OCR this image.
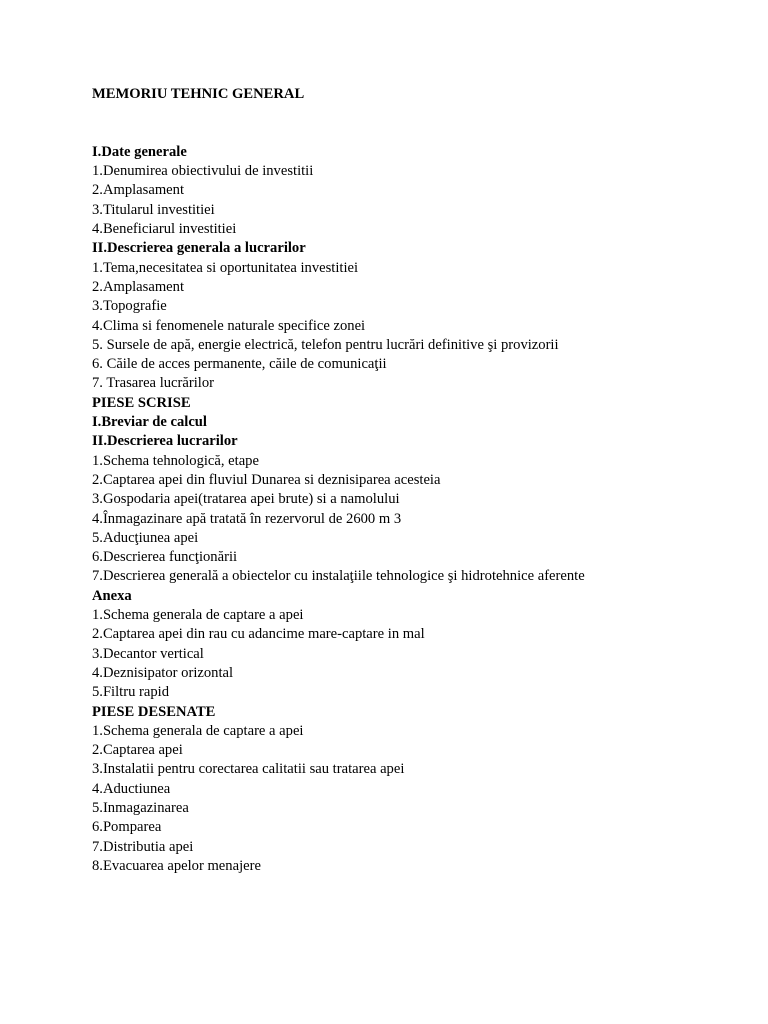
MEMORIU TEHNIC GENERAL
I.Date generale
1.Denumirea obiectivului de investitii
2.Amplasament
3.Titularul investitiei
4.Beneficiarul investitiei
II.Descrierea generala a lucrarilor
1.Tema,necesitatea si oportunitatea investitiei
2.Amplasament
3.Topografie
4.Clima si fenomenele naturale specifice zonei
5. Sursele de apă, energie electrică, telefon pentru lucrări definitive şi provizorii
6. Căile de acces permanente, căile de comunicaţii
7. Trasarea lucrărilor
PIESE SCRISE
I.Breviar de calcul
II.Descrierea lucrarilor
1.Schema tehnologică, etape
2.Captarea apei din fluviul Dunarea si deznisiparea acesteia
3.Gospodaria apei(tratarea apei brute) si a namolului
4.Înmagazinare apă tratată în rezervorul de 2600 m 3
5.Aducţiunea apei
6.Descrierea funcţionării
7.Descrierea generală a obiectelor cu instalaţiile tehnologice şi hidrotehnice aferente
Anexa
1.Schema generala de captare a apei
2.Captarea apei din rau cu adancime mare-captare in mal
3.Decantor vertical
4.Deznisipator orizontal
5.Filtru rapid
PIESE DESENATE
1.Schema generala de captare a apei
2.Captarea apei
3.Instalatii pentru corectarea calitatii sau tratarea apei
4.Aductiunea
5.Inmagazinarea
6.Pomparea
7.Distributia apei
8.Evacuarea apelor menajere
